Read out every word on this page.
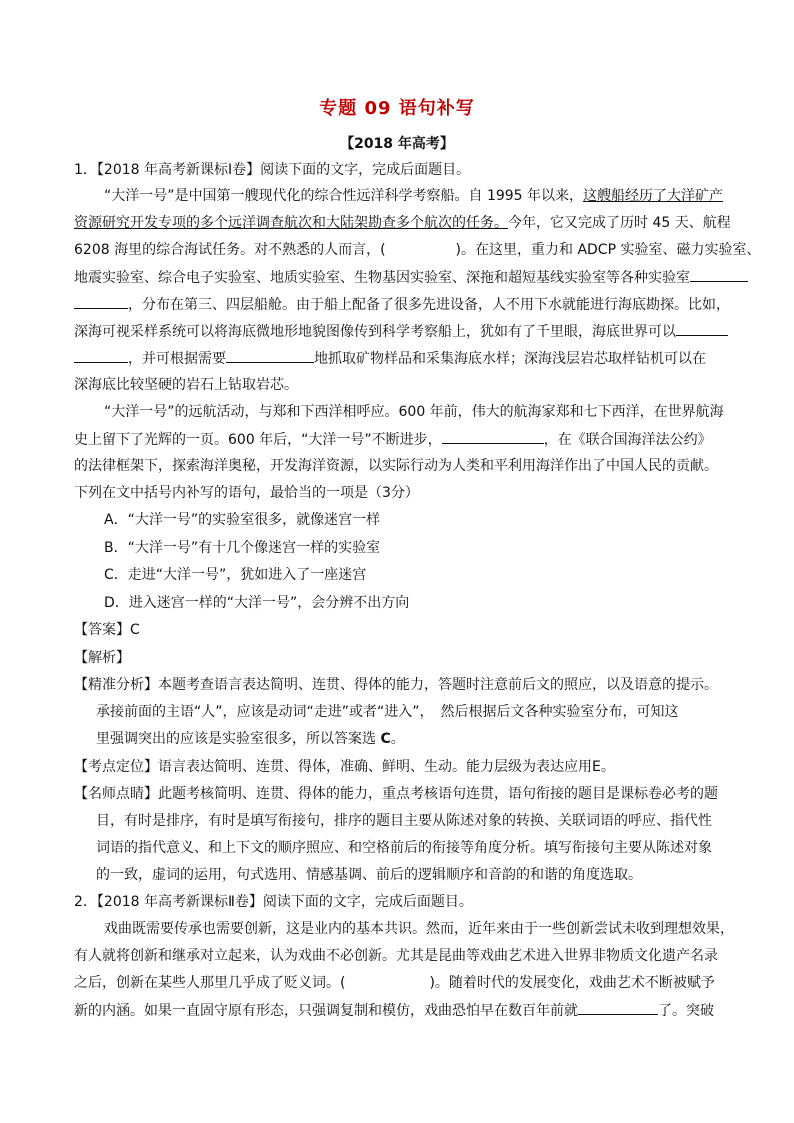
专题 09 语句补写
【2018 年高考】
1．【2018 年高考新课标Ⅰ卷】阅读下面的文字，完成后面题目。
“大洋一号”是中国第一艘现代化的综合性远洋科学考察船。自 1995 年以来，这艘船经历了大洋矿产
资源研究开发专项的多个远洋调查航次和大陆架勘查多个航次的任务。今年，它又完成了历时 45 天、航程
6208 海里的综合海试任务。对不熟悉的人而言，(　　　　　)。在这里，重力和 ADCP 实验室、磁力实验室、
地震实验室、综合电子实验室、地质实验室、生物基因实验室、深拖和超短基线实验室等各种实验室
，分布在第三、四层船舱。由于船上配备了很多先进设备，人不用下水就能进行海底勘探。比如，
深海可视采样系统可以将海底微地形地貌图像传到科学考察船上，犹如有了千里眼，海底世界可以
，并可根据需要	地抓取矿物样品和采集海底水样；深海浅层岩芯取样钻机可以在
深海底比较坚硬的岩石上钻取岩芯。
“大洋一号”的远航活动，与郑和下西洋相呼应。600 年前，伟大的航海家郑和七下西洋，在世界航海
史上留下了光辉的一页。600 年后，“大洋一号”不断进步，	，在《联合国海洋法公约》
的法律框架下，探索海洋奥秘，开发海洋资源，以实际行动为人类和平利用海洋作出了中国人民的贡献。
下列在文中括号内补写的语句，最恰当的一项是（3分）
A．“大洋一号”的实验室很多，就像迷宫一样
B．“大洋一号”有十几个像迷宫一样的实验室
C．走进“大洋一号”，犹如进入了一座迷宫
D．进入迷宫一样的“大洋一号”，会分辨不出方向
【答案】C
【解析】
【精准分析】本题考查语言表达简明、连贯、得体的能力，答题时注意前后文的照应，以及语意的提示。
承接前面的主语“人”，应该是动词“走进”或者“进入”，　然后根据后文各种实验室分布，可知这
里强调突出的应该是实验室很多，所以答案选 C。
【考点定位】语言表达简明、连贯、得体，准确、鲜明、生动。能力层级为表达应用E。
【名师点睛】此题考核简明、连贯、得体的能力，重点考核语句连贯，语句衔接的题目是课标卷必考的题
目，有时是排序，有时是填写衔接句，排序的题目主要从陈述对象的转换、关联词语的呼应、指代性
词语的指代意义、和上下文的顺序照应、和空格前后的衔接等角度分析。填写衔接句主要从陈述对象
的一致，虚词的运用，句式选用、情感基调、前后的逻辑顺序和音韵的和谐的角度选取。
2．【2018 年高考新课标Ⅱ卷】阅读下面的文字，完成后面题目。
戏曲既需要传承也需要创新，这是业内的基本共识。然而，近年来由于一些创新尝试未收到理想效果，
有人就将创新和继承对立起来，认为戏曲不必创新。尤其是昆曲等戏曲艺术进入世界非物质文化遗产名录
之后，创新在某些人那里几乎成了贬义词。(　　　　　　)。随着时代的发展变化，戏曲艺术不断被赋予
新的内涵。如果一直固守原有形态，只强调复制和模仿，戏曲恐怕早在数百年前就	了。突破
